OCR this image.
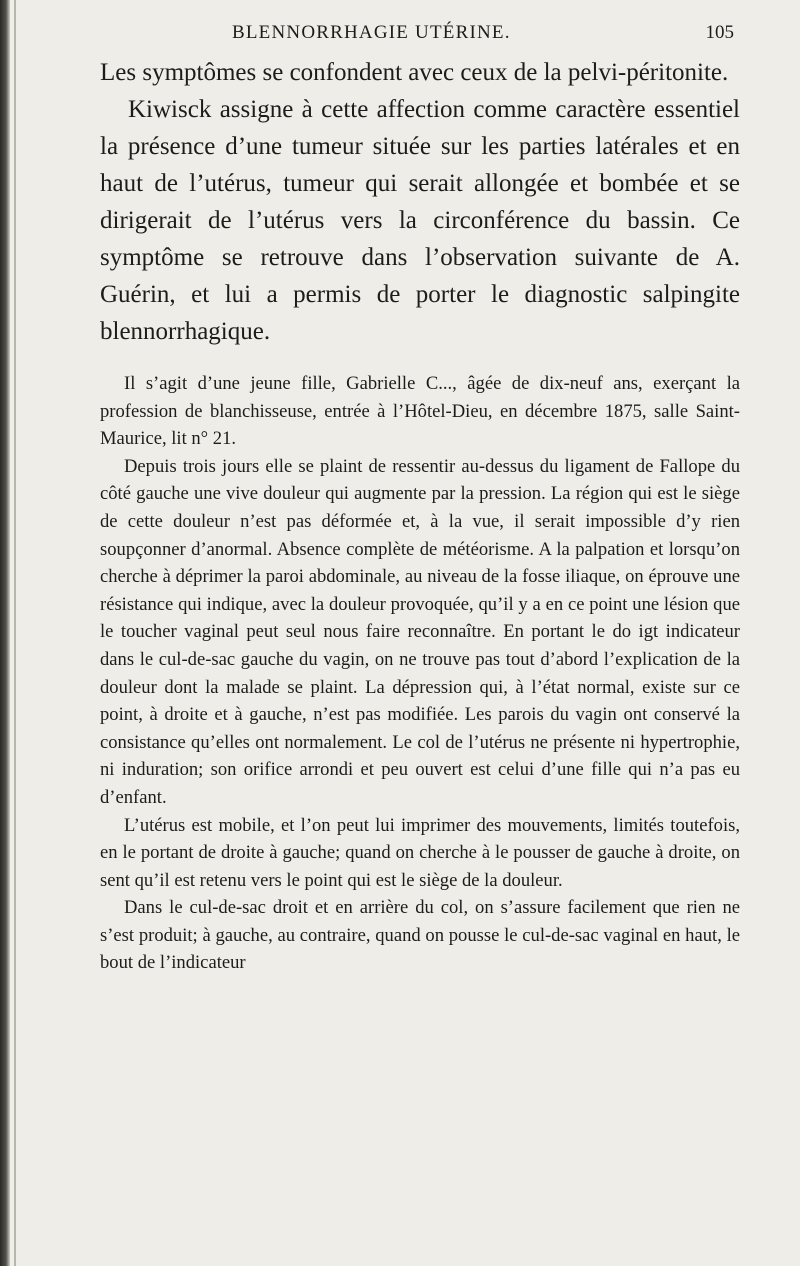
BLENNORRHAGIE UTÉRINE.	105

Les symptômes se confondent avec ceux de la pelvi-péritonite.

Kiwisck assigne à cette affection comme caractère essentiel la présence d’une tumeur située sur les parties latérales et en haut de l’utérus, tumeur qui serait allongée et bombée et se dirigerait de l’utérus vers la circonférence du bassin. Ce symptôme se retrouve dans l’observation suivante de A. Guérin, et lui a permis de porter le diagnostic salpingite blennorrhagique.

Il s’agit d’une jeune fille, Gabrielle C..., âgée de dix-neuf ans, exerçant la profession de blanchisseuse, entrée à l’Hôtel-Dieu, en décembre 1875, salle Saint-Maurice, lit n° 21.

Depuis trois jours elle se plaint de ressentir au-dessus du ligament de Fallope du côté gauche une vive douleur qui augmente par la pression. La région qui est le siège de cette douleur n’est pas déformée et, à la vue, il serait impossible d’y rien soupçonner d’anormal. Absence complète de météorisme. A la palpation et lorsqu’on cherche à déprimer la paroi abdominale, au niveau de la fosse iliaque, on éprouve une résistance qui indique, avec la douleur provoquée, qu’il y a en ce point une lésion que le toucher vaginal peut seul nous faire reconnaître. En portant le do igt indicateur dans le cul-de-sac gauche du vagin, on ne trouve pas tout d’abord l’explication de la douleur dont la malade se plaint. La dépression qui, à l’état normal, existe sur ce point, à droite et à gauche, n’est pas modifiée. Les parois du vagin ont conservé la consistance qu’elles ont normalement. Le col de l’utérus ne présente ni hypertrophie, ni induration; son orifice arrondi et peu ouvert est celui d’une fille qui n’a pas eu d’enfant.

L’utérus est mobile, et l’on peut lui imprimer des mouvements, limités toutefois, en le portant de droite à gauche; quand on cherche à le pousser de gauche à droite, on sent qu’il est retenu vers le point qui est le siège de la douleur.

Dans le cul-de-sac droit et en arrière du col, on s’assure facilement que rien ne s’est produit; à gauche, au contraire, quand on pousse le cul-de-sac vaginal en haut, le bout de l’indicateur
